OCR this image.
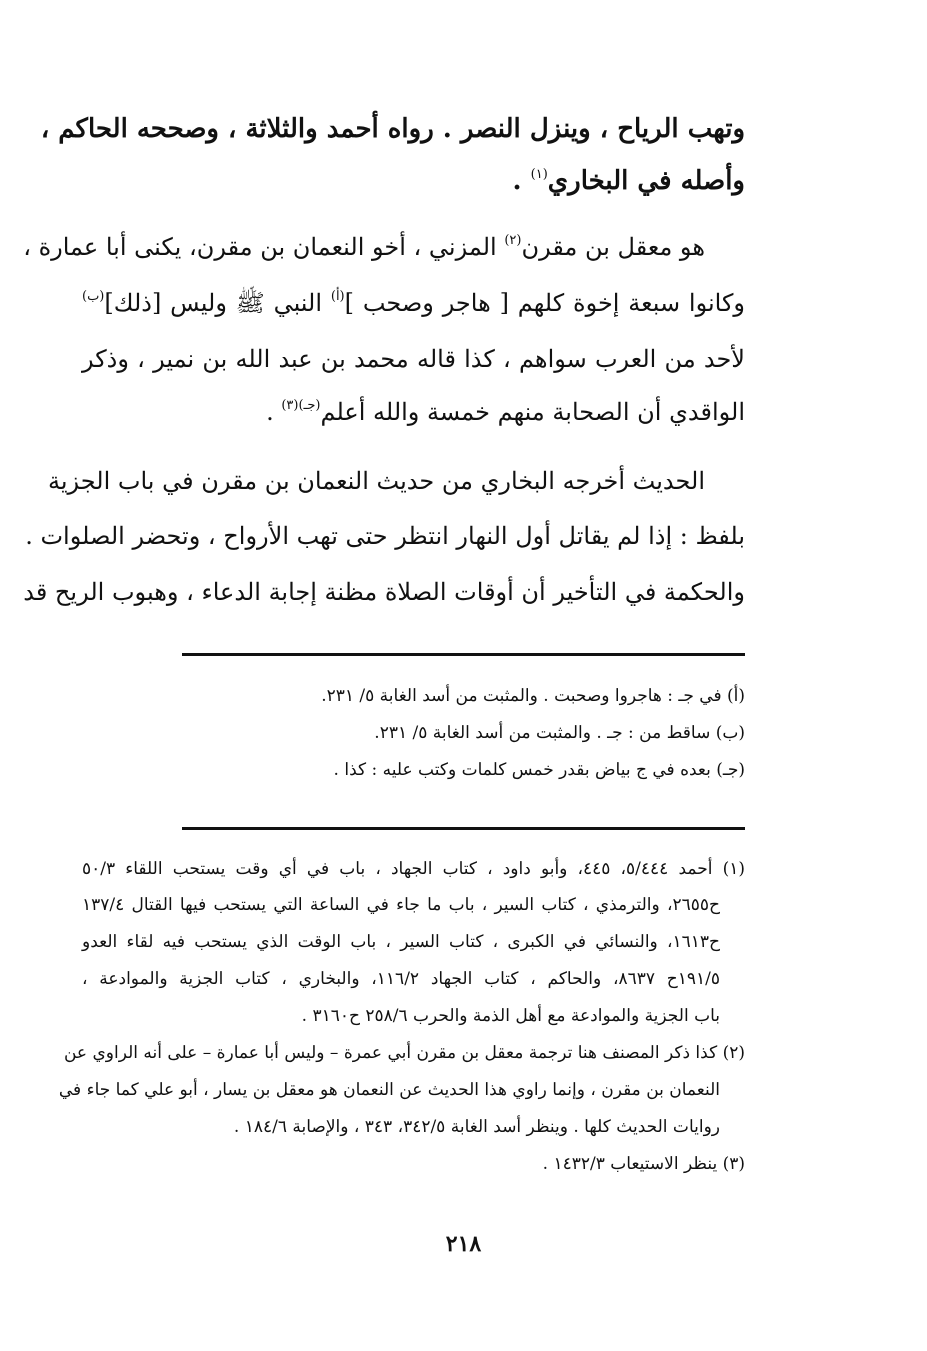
وتهب الرياح ، وينزل النصر . رواه أحمد والثلاثة ، وصححه الحاكم ،
وأصله في البخاري$^{(١)}$ .
هو معقل بن مقرن$^{(٢)}$ المزني ، أخو النعمان بن مقرن، يكنى أبا عمارة ،
وكانوا سبعة إخوة كلهم [ هاجر وصحب ]$^{(أ)}$ النبي ﷺ وليس [ذلك]$^{(ب)}$
لأحد من العرب سواهم ، كذا قاله محمد بن عبد الله بن نمير ، وذكر
الواقدي أن الصحابة منهم خمسة والله أعلم$^{(جـ)(٣)}$ .
الحديث أخرجه البخاري من حديث النعمان بن مقرن في باب الجزية
بلفظ : إذا لم يقاتل أول النهار انتظر حتى تهب الأرواح ، وتحضر الصلوات .
والحكمة في التأخير أن أوقات الصلاة مظنة إجابة الدعاء ، وهبوب الريح قد
(أ) في جـ : هاجروا وصحبت . والمثبت من أسد الغابة ٥/ ٢٣١.
(ب) ساقط من : جـ . والمثبت من أسد الغابة ٥/ ٢٣١.
(جـ) بعده في ج بياض بقدر خمس كلمات وكتب عليه : كذا .
(١) أحمد ٥/٤٤٤، ٤٤٥، وأبو داود ، كتاب الجهاد ، باب في أي وقت يستحب اللقاء ٥٠/٣
ح٢٦٥٥، والترمذي ، كتاب السير ، باب ما جاء في الساعة التي يستحب فيها القتال ١٣٧/٤
ح١٦١٣، والنسائي في الكبرى ، كتاب السير ، باب الوقت الذي يستحب فيه لقاء العدو
١٩١/٥ح ٨٦٣٧، والحاكم ، كتاب الجهاد ١١٦/٢، والبخاري ، كتاب الجزية والموادعة ،
باب الجزية والموادعة مع أهل الذمة والحرب ٢٥٨/٦ ح٣١٦٠ .
(٢) كذا ذكر المصنف هنا ترجمة معقل بن مقرن أبي عمرة – وليس أبا عمارة – على أنه الراوي عن
النعمان بن مقرن ، وإنما راوي هذا الحديث عن النعمان هو معقل بن يسار ، أبو علي كما جاء في
روايات الحديث كلها . وينظر أسد الغابة ٣٤٢/٥، ٣٤٣ ، والإصابة ١٨٤/٦ .
(٣) ينظر الاستيعاب ١٤٣٢/٣ .
٢١٨
